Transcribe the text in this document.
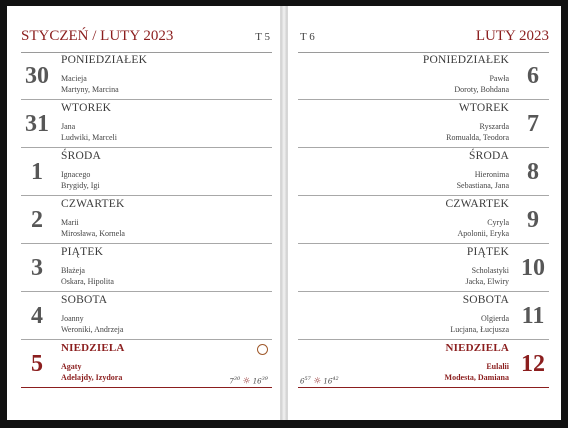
STYCZEŃ / LUTY 2023	T 5
30
PONIEDZIAŁEK
Macieja
Martyny, Marcina
31
WTOREK
Jana
Ludwiki, Marceli
1
ŚRODA
Ignacego
Brygidy, Igi
2
CZWARTEK
Marii
Mirosława, Kornela
3
PIĄTEK
Błażeja
Oskara, Hipolita
4
SOBOTA
Joanny
Weroniki, Andrzeja
5
NIEDZIELA
Agaty
Adelajdy, Izydora	$7^{30}$ ☼ $16^{39}$
T 6	LUTY 2023
6
PONIEDZIAŁEK
Pawła
Doroty, Bohdana
7
WTOREK
Ryszarda
Romualda, Teodora
8
ŚRODA
Hieronima
Sebastiana, Jana
9
CZWARTEK
Cyryla
Apolonii, Eryka
10
PIĄTEK
Scholastyki
Jacka, Elwiry
11
SOBOTA
Olgierda
Lucjana, Łucjusza
12
NIEDZIELA
Eulalii
Modesta, Damiana
$6^{57}$ ☼ $16^{42}$
